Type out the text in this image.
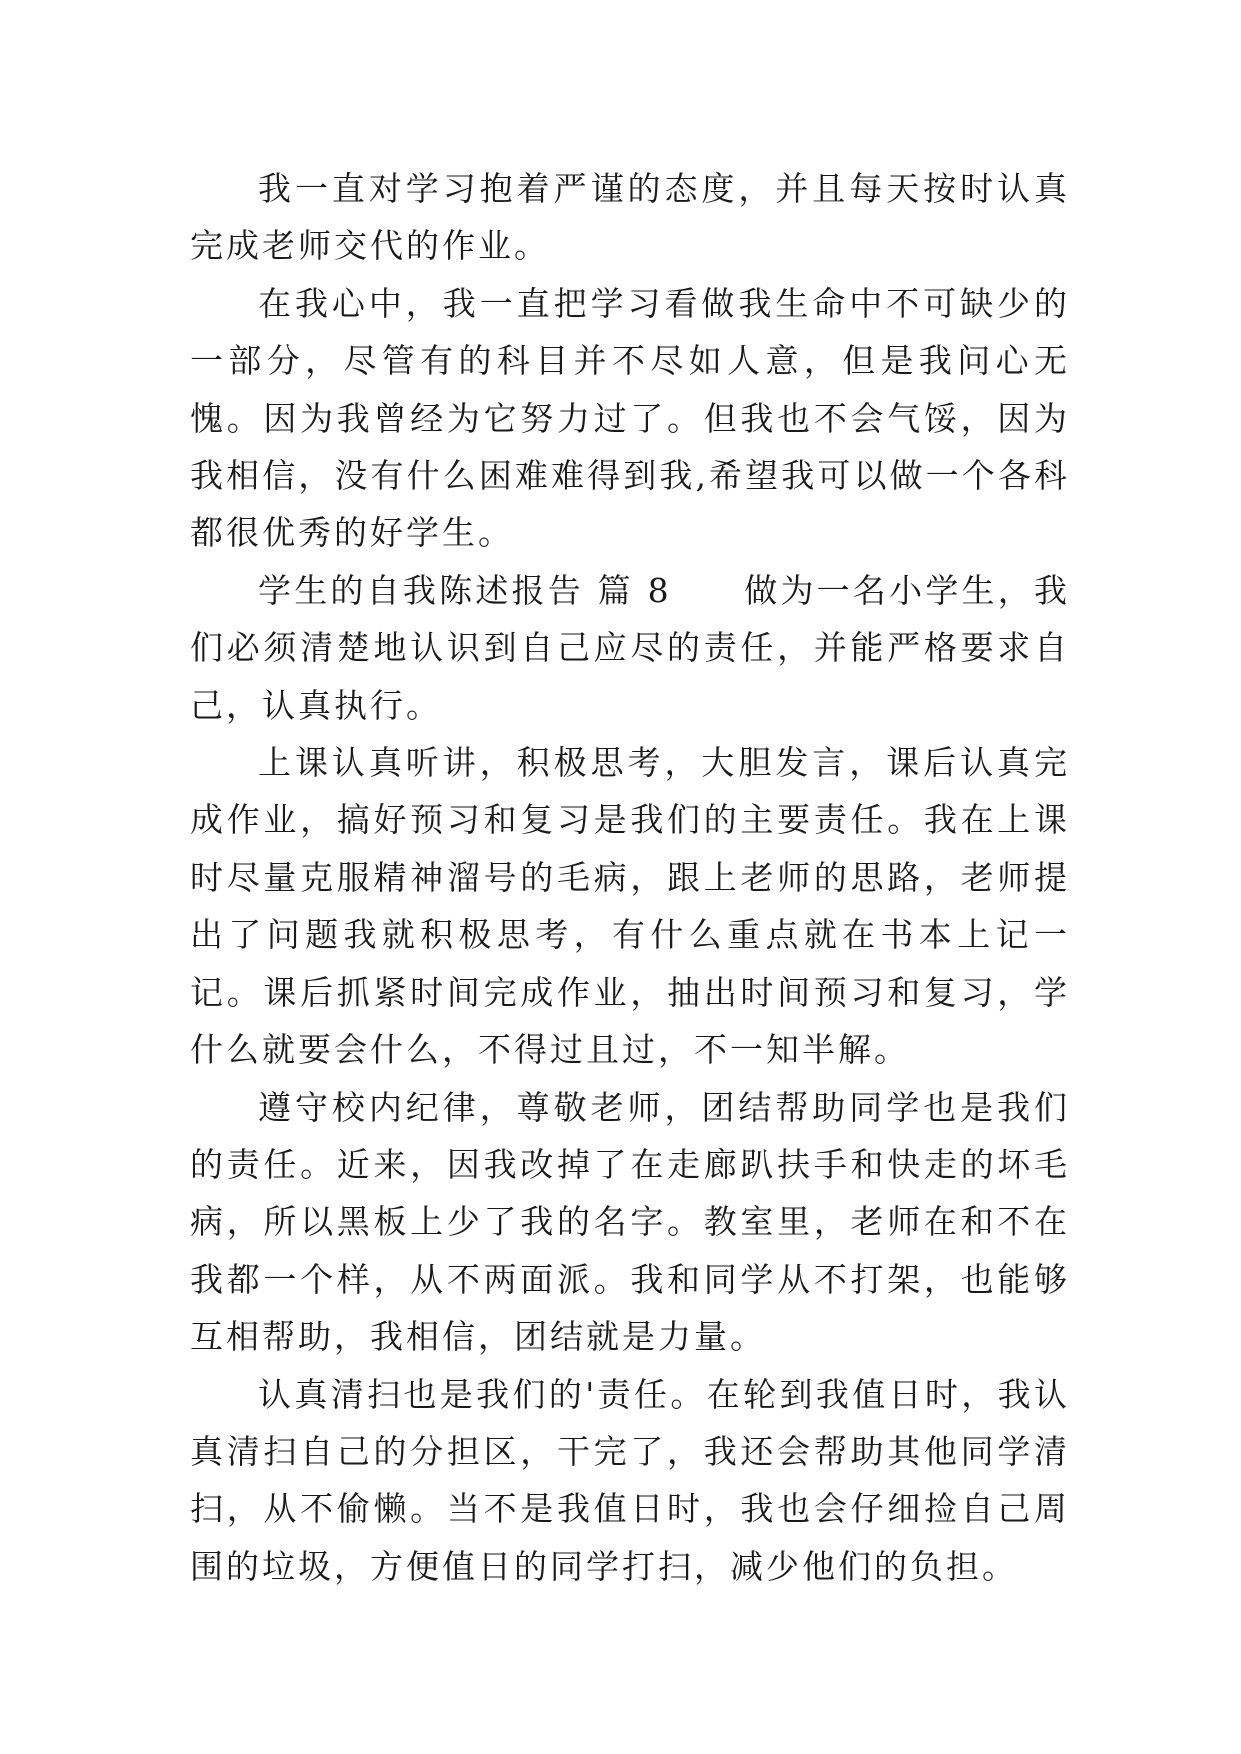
我一直对学习抱着严谨的态度，并且每天按时认真完成老师交代的作业。

在我心中，我一直把学习看做我生命中不可缺少的一部分，尽管有的科目并不尽如人意，但是我问心无愧。因为我曾经为它努力过了。但我也不会气馁，因为我相信，没有什么困难难得到我,希望我可以做一个各科都很优秀的好学生。

学生的自我陈述报告 篇 8　　做为一名小学生，我们必须清楚地认识到自己应尽的责任，并能严格要求自己，认真执行。

上课认真听讲，积极思考，大胆发言，课后认真完成作业，搞好预习和复习是我们的主要责任。我在上课时尽量克服精神溜号的毛病，跟上老师的思路，老师提出了问题我就积极思考，有什么重点就在书本上记一记。课后抓紧时间完成作业，抽出时间预习和复习，学什么就要会什么，不得过且过，不一知半解。

遵守校内纪律，尊敬老师，团结帮助同学也是我们的责任。近来，因我改掉了在走廊趴扶手和快走的坏毛病，所以黑板上少了我的名字。教室里，老师在和不在我都一个样，从不两面派。我和同学从不打架，也能够互相帮助，我相信，团结就是力量。

认真清扫也是我们的'责任。在轮到我值日时，我认真清扫自己的分担区，干完了，我还会帮助其他同学清扫，从不偷懒。当不是我值日时，我也会仔细捡自己周围的垃圾，方便值日的同学打扫，减少他们的负担。
